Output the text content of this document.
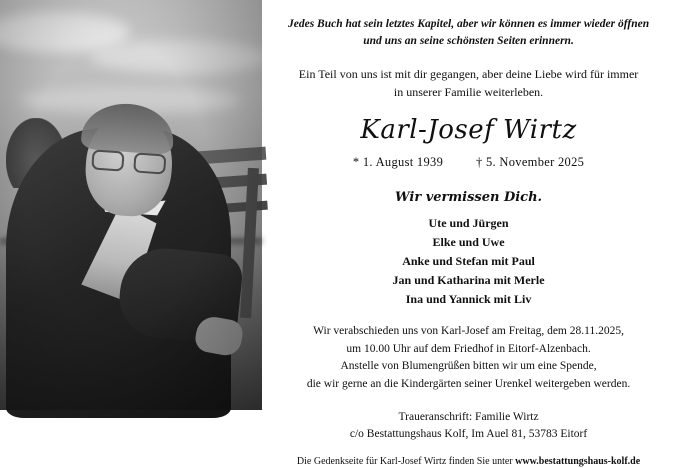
Jedes Buch hat sein letztes Kapitel, aber wir können es immer wieder öffnen
und uns an seine schönsten Seiten erinnern.
Ein Teil von uns ist mit dir gegangen, aber deine Liebe wird für immer
in unserer Familie weiterleben.
Karl-Josef Wirtz
* 1. August 1939	† 5. November 2025
Wir vermissen Dich.
Ute und Jürgen
Elke und Uwe
Anke und Stefan mit Paul
Jan und Katharina mit Merle
Ina und Yannick mit Liv
Wir verabschieden uns von Karl-Josef am Freitag, dem 28.11.2025,
um 10.00 Uhr auf dem Friedhof in Eitorf-Alzenbach.
Anstelle von Blumengrüßen bitten wir um eine Spende,
die wir gerne an die Kindergärten seiner Urenkel weitergeben werden.
Traueranschrift: Familie Wirtz
c/o Bestattungshaus Kolf, Im Auel 81, 53783 Eitorf
Die Gedenkseite für Karl-Josef Wirtz finden Sie unter www.bestattungshaus-kolf.de
